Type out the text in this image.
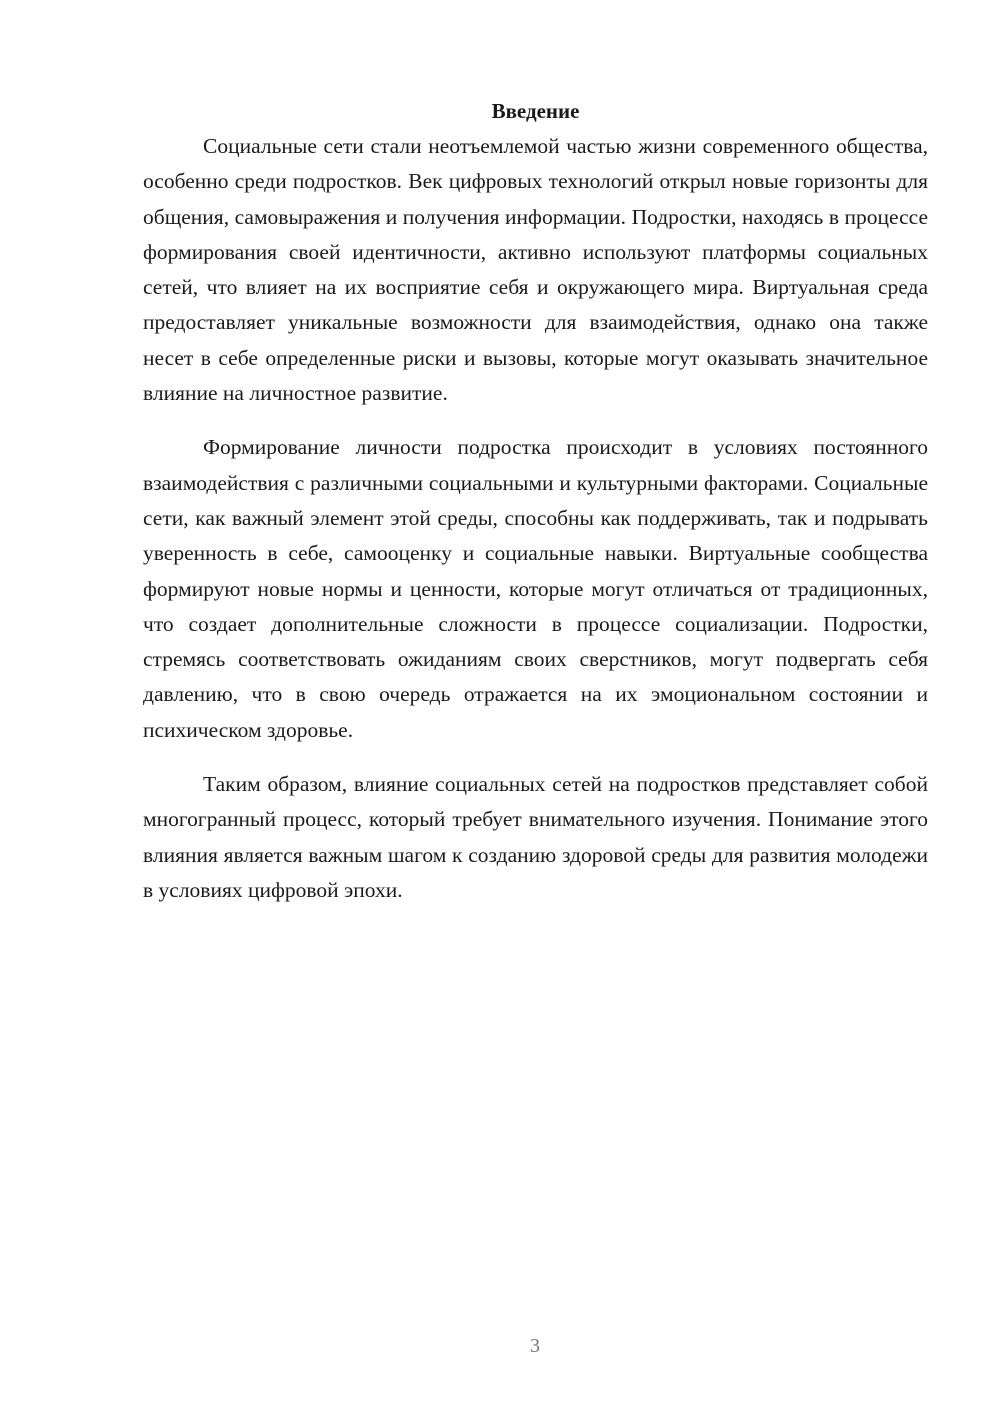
Введение

Социальные сети стали неотъемлемой частью жизни современного общества, особенно среди подростков. Век цифровых технологий открыл новые горизонты для общения, самовыражения и получения информации. Подростки, находясь в процессе формирования своей идентичности, активно используют платформы социальных сетей, что влияет на их восприятие себя и окружающего мира. Виртуальная среда предоставляет уникальные возможности для взаимодействия, однако она также несет в себе определенные риски и вызовы, которые могут оказывать значительное влияние на личностное развитие.

Формирование личности подростка происходит в условиях постоянного взаимодействия с различными социальными и культурными факторами. Социальные сети, как важный элемент этой среды, способны как поддерживать, так и подрывать уверенность в себе, самооценку и социальные навыки. Виртуальные сообщества формируют новые нормы и ценности, которые могут отличаться от традиционных, что создает дополнительные сложности в процессе социализации. Подростки, стремясь соответствовать ожиданиям своих сверстников, могут подвергать себя давлению, что в свою очередь отражается на их эмоциональном состоянии и психическом здоровье.

Таким образом, влияние социальных сетей на подростков представляет собой многогранный процесс, который требует внимательного изучения. Понимание этого влияния является важным шагом к созданию здоровой среды для развития молодежи в условиях цифровой эпохи.

3
